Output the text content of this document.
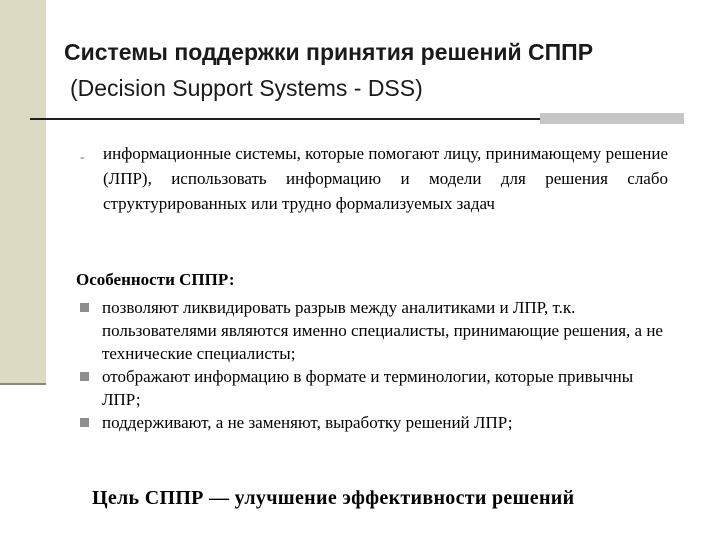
Системы поддержки принятия решений СППР
(Decision Support Systems - DSS)
- информационные системы, которые помогают лицу, принимающему решение (ЛПР), использовать информацию и модели для решения слабо структурированных или трудно формализуемых задач
Особенности СППР:
позволяют ликвидировать разрыв между аналитиками и ЛПР, т.к. пользователями являются именно специалисты, принимающие решения, а не технические специалисты;
отображают информацию в формате и терминологии, которые привычны ЛПР;
поддерживают, а не заменяют, выработку решений ЛПР;
Цель СППР — улучшение эффективности решений
